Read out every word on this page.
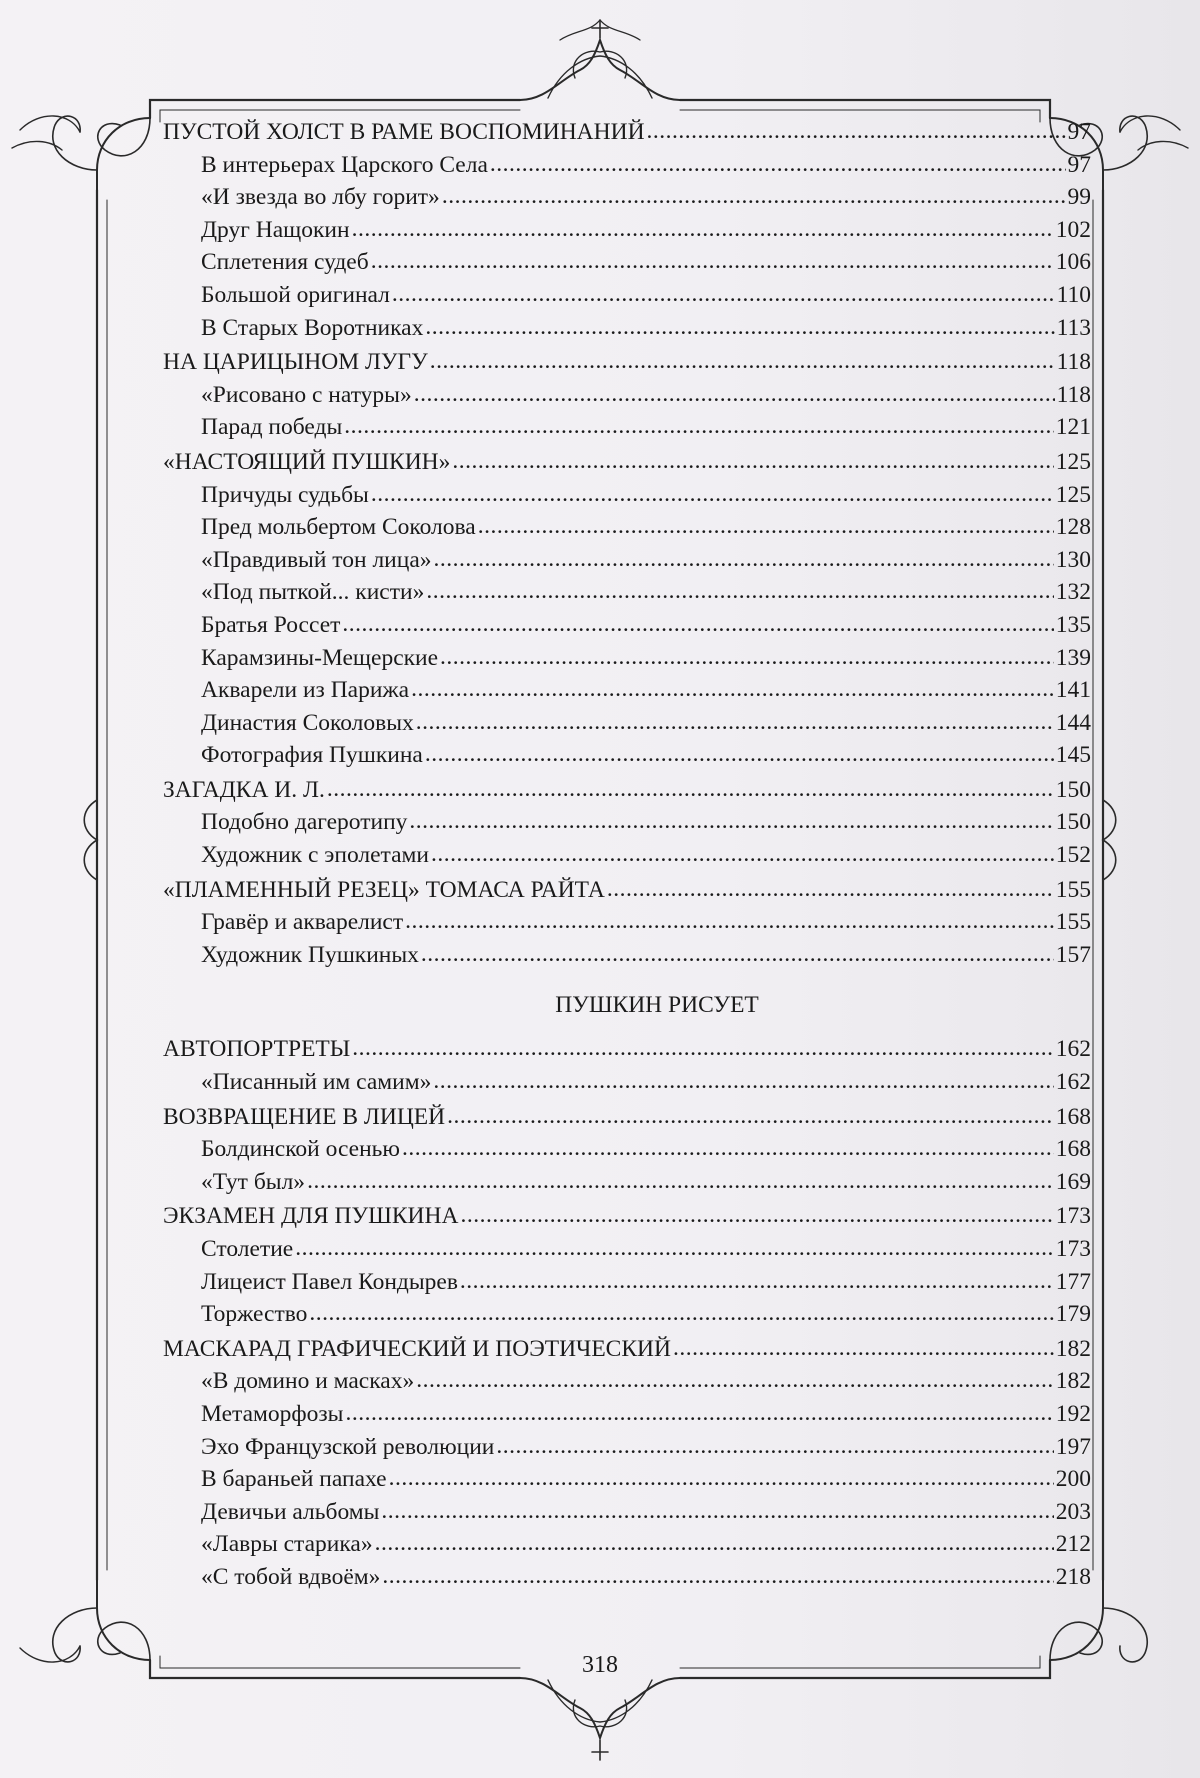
ПУСТОЙ ХОЛСТ В РАМЕ ВОСПОМИНАНИЙ .....	97
В интерьерах Царского Села .....	97
«И звезда во лбу горит» .....	99
Друг Нащокин .....	102
Сплетения судеб .....	106
Большой оригинал .....	110
В Старых Воротниках .....	113
НА ЦАРИЦЫНОМ ЛУГУ .....	118
«Рисовано с натуры» .....	118
Парад победы .....	121
«НАСТОЯЩИЙ ПУШКИН» .....	125
Причуды судьбы .....	125
Пред мольбертом Соколова .....	128
«Правдивый тон лица» .....	130
«Под пыткой... кисти» .....	132
Братья Россет .....	135
Карамзины-Мещерские .....	139
Акварели из Парижа .....	141
Династия Соколовых .....	144
Фотография Пушкина .....	145
ЗАГАДКА И. Л. .....	150
Подобно дагеротипу .....	150
Художник с эполетами .....	152
«ПЛАМЕННЫЙ РЕЗЕЦ» ТОМАСА РАЙТА .....	155
Гравёр и акварелист .....	155
Художник Пушкиных .....	157
ПУШКИН РИСУЕТ
АВТОПОРТРЕТЫ .....	162
«Писанный им самим» .....	162
ВОЗВРАЩЕНИЕ В ЛИЦЕЙ .....	168
Болдинской осенью .....	168
«Тут был» .....	169
ЭКЗАМЕН ДЛЯ ПУШКИНА .....	173
Столетие .....	173
Лицеист Павел Кондырев .....	177
Торжество .....	179
МАСКАРАД ГРАФИЧЕСКИЙ И ПОЭТИЧЕСКИЙ .....	182
«В домино и масках» .....	182
Метаморфозы .....	192
Эхо Французской революции .....	197
В бараньей папахе .....	200
Девичьи альбомы .....	203
«Лавры старика» .....	212
«С тобой вдвоём» .....	218
318
